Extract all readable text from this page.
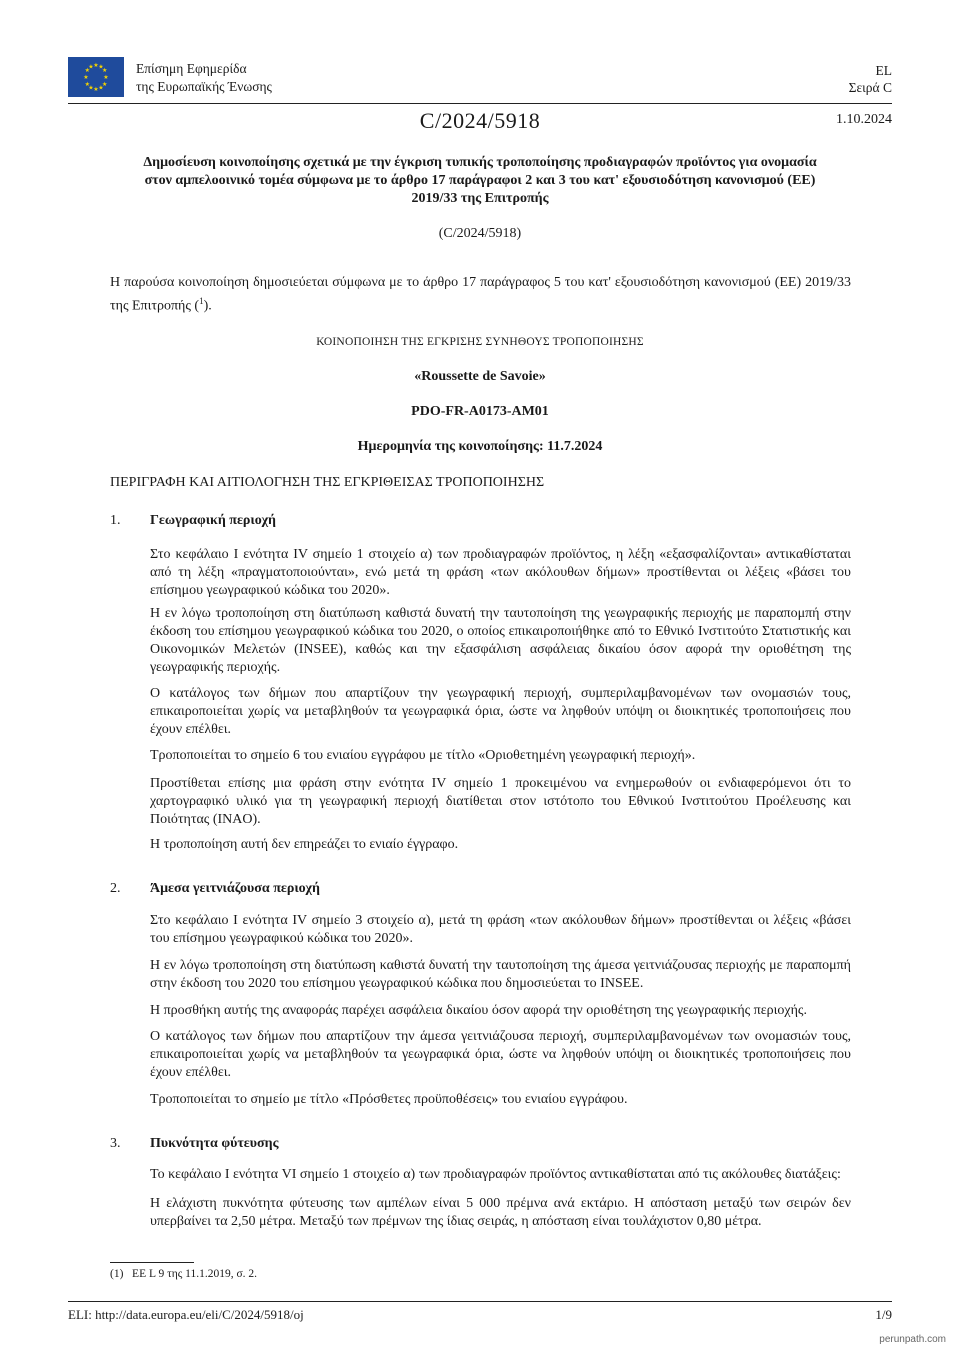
★ ★
★
★
★
★
★
★
★
★
★
★	Επίσημη Εφημερίδα
της Ευρωπαϊκής Ένωσης
EL
Σειρά C
C/2024/5918	1.10.2024
Δημοσίευση κοινοποίησης σχετικά με την έγκριση τυπικής τροποποίησης προδιαγραφών προϊόντος για ονομασία στον αμπελοοινικό τομέα σύμφωνα με το άρθρο 17 παράγραφοι 2 και 3 του κατ' εξουσιοδότηση κανονισμού (ΕΕ) 2019/33 της Επιτροπής
(C/2024/5918)
Η παρούσα κοινοποίηση δημοσιεύεται σύμφωνα με το άρθρο 17 παράγραφος 5 του κατ' εξουσιοδότηση κανονισμού (ΕΕ) 2019/33 της Επιτροπής ($^1$).
ΚΟΙΝΟΠΟΙΗΣΗ ΤΗΣ ΕΓΚΡΙΣΗΣ ΣΥΝΗΘΟΥΣ ΤΡΟΠΟΠΟΙΗΣΗΣ
«Roussette de Savoie»
PDO-FR-A0173-AM01
Ημερομηνία της κοινοποίησης: 11.7.2024
ΠΕΡΙΓΡΑΦΗ ΚΑΙ ΑΙΤΙΟΛΟΓΗΣΗ ΤΗΣ ΕΓΚΡΙΘΕΙΣΑΣ ΤΡΟΠΟΠΟΙΗΣΗΣ
1. Γεωγραφική περιοχή

Στο κεφάλαιο Ι ενότητα IV σημείο 1 στοιχείο α) των προδιαγραφών προϊόντος, η λέξη «εξασφαλίζονται» αντικαθίσταται από τη λέξη «πραγματοποιούνται», ενώ μετά τη φράση «των ακόλουθων δήμων» προστίθενται οι λέξεις «βάσει του επίσημου γεωγραφικού κώδικα του 2020».

Η εν λόγω τροποποίηση στη διατύπωση καθιστά δυνατή την ταυτοποίηση της γεωγραφικής περιοχής με παραπομπή στην έκδοση του επίσημου γεωγραφικού κώδικα του 2020, ο οποίος επικαιροποιήθηκε από το Εθνικό Ινστιτούτο Στατιστικής και Οικονομικών Μελετών (INSEE), καθώς και την εξασφάλιση ασφάλειας δικαίου όσον αφορά την οριοθέτηση της γεωγραφικής περιοχής.

Ο κατάλογος των δήμων που απαρτίζουν την γεωγραφική περιοχή, συμπεριλαμβανομένων των ονομασιών τους, επικαιροποιείται χωρίς να μεταβληθούν τα γεωγραφικά όρια, ώστε να ληφθούν υπόψη οι διοικητικές τροποποιήσεις που έχουν επέλθει.

Τροποποιείται το σημείο 6 του ενιαίου εγγράφου με τίτλο «Οριοθετημένη γεωγραφική περιοχή».

Προστίθεται επίσης μια φράση στην ενότητα IV σημείο 1 προκειμένου να ενημερωθούν οι ενδιαφερόμενοι ότι το χαρτογραφικό υλικό για τη γεωγραφική περιοχή διατίθεται στον ιστότοπο του Εθνικού Ινστιτούτου Προέλευσης και Ποιότητας (INAO).

Η τροποποίηση αυτή δεν επηρεάζει το ενιαίο έγγραφο.

2. Άμεσα γειτνιάζουσα περιοχή

Στο κεφάλαιο Ι ενότητα IV σημείο 3 στοιχείο α), μετά τη φράση «των ακόλουθων δήμων» προστίθενται οι λέξεις «βάσει του επίσημου γεωγραφικού κώδικα του 2020».

Η εν λόγω τροποποίηση στη διατύπωση καθιστά δυνατή την ταυτοποίηση της άμεσα γειτνιάζουσας περιοχής με παραπομπή στην έκδοση του 2020 του επίσημου γεωγραφικού κώδικα που δημοσιεύεται το INSEE.

Η προσθήκη αυτής της αναφοράς παρέχει ασφάλεια δικαίου όσον αφορά την οριοθέτηση της γεωγραφικής περιοχής.

Ο κατάλογος των δήμων που απαρτίζουν την άμεσα γειτνιάζουσα περιοχή, συμπεριλαμβανομένων των ονομασιών τους, επικαιροποιείται χωρίς να μεταβληθούν τα γεωγραφικά όρια, ώστε να ληφθούν υπόψη οι διοικητικές τροποποιήσεις που έχουν επέλθει.

Τροποποιείται το σημείο με τίτλο «Πρόσθετες προϋποθέσεις» του ενιαίου εγγράφου.

3. Πυκνότητα φύτευσης

Το κεφάλαιο Ι ενότητα VI σημείο 1 στοιχείο α) των προδιαγραφών προϊόντος αντικαθίσταται από τις ακόλουθες διατάξεις:

Η ελάχιστη πυκνότητα φύτευσης των αμπέλων είναι 5 000 πρέμνα ανά εκτάριο. Η απόσταση μεταξύ των σειρών δεν υπερβαίνει τα 2,50 μέτρα. Μεταξύ των πρέμνων της ίδιας σειράς, η απόσταση είναι τουλάχιστον 0,80 μέτρα.

(1) ΕΕ L 9 της 11.1.2019, σ. 2.
ELI: http://data.europa.eu/eli/C/2024/5918/oj	1/9
perunpath.com
